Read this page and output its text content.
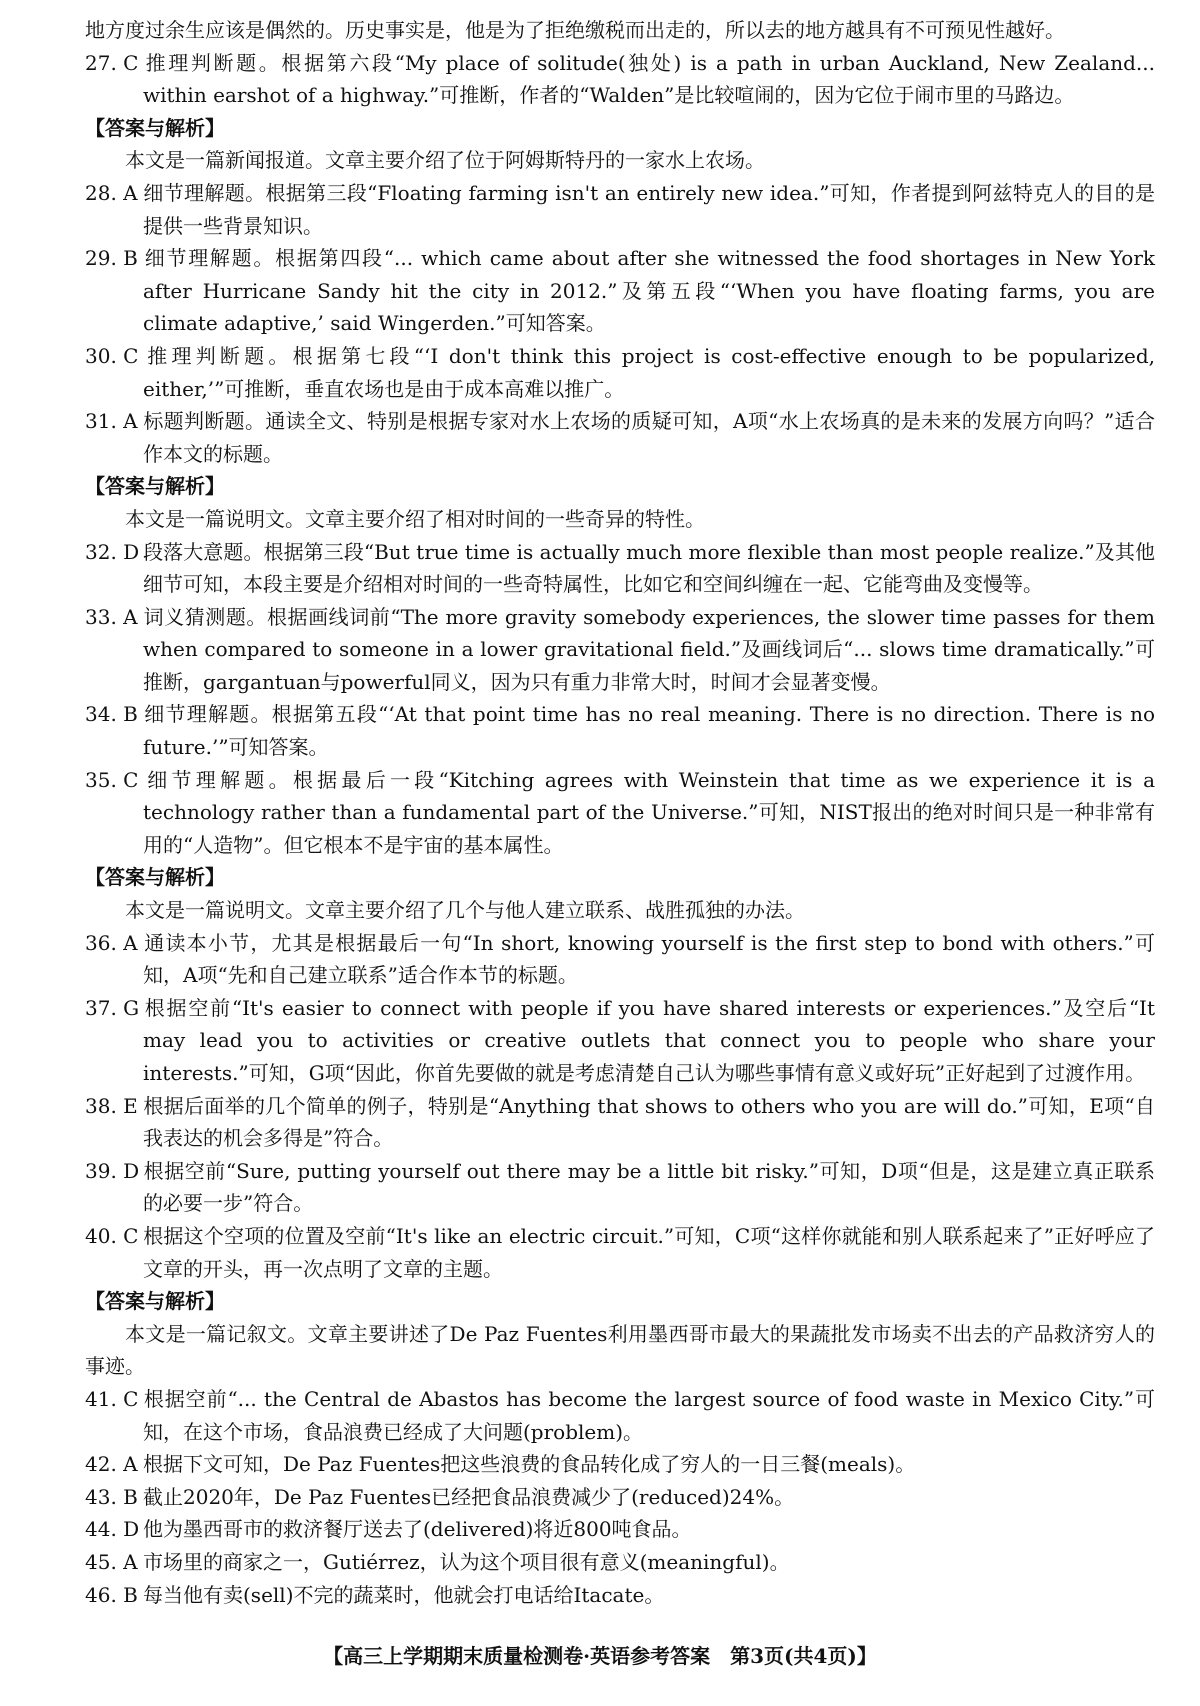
地方度过余生应该是偶然的。历史事实是，他是为了拒绝缴税而出走的，所以去的地方越具有不可预见性越好。

27. C 推理判断题。根据第六段“My place of solitude(独处) is a path in urban Auckland, New Zealand... within earshot of a highway.”可推断，作者的“Walden”是比较喧闹的，因为它位于闹市里的马路边。

【答案与解析】

本文是一篇新闻报道。文章主要介绍了位于阿姆斯特丹的一家水上农场。

28. A 细节理解题。根据第三段“Floating farming isn't an entirely new idea.”可知，作者提到阿兹特克人的目的是提供一些背景知识。

29. B 细节理解题。根据第四段“... which came about after she witnessed the food shortages in New York after Hurricane Sandy hit the city in 2012.”及第五段“‘When you have floating farms, you are climate adaptive,’ said Wingerden.”可知答案。

30. C 推理判断题。根据第七段“‘I don't think this project is cost-effective enough to be popularized, either,’”可推断，垂直农场也是由于成本高难以推广。

31. A 标题判断题。通读全文、特别是根据专家对水上农场的质疑可知，A项“水上农场真的是未来的发展方向吗？”适合作本文的标题。

【答案与解析】

本文是一篇说明文。文章主要介绍了相对时间的一些奇异的特性。

32. D 段落大意题。根据第三段“But true time is actually much more flexible than most people realize.”及其他细节可知，本段主要是介绍相对时间的一些奇特属性，比如它和空间纠缠在一起、它能弯曲及变慢等。

33. A 词义猜测题。根据画线词前“The more gravity somebody experiences, the slower time passes for them when compared to someone in a lower gravitational field.”及画线词后“... slows time dramatically.”可推断，gargantuan与powerful同义，因为只有重力非常大时，时间才会显著变慢。

34. B 细节理解题。根据第五段“‘At that point time has no real meaning. There is no direction. There is no future.’”可知答案。

35. C 细节理解题。根据最后一段“Kitching agrees with Weinstein that time as we experience it is a technology rather than a fundamental part of the Universe.”可知，NIST报出的绝对时间只是一种非常有用的“人造物”。但它根本不是宇宙的基本属性。

【答案与解析】

本文是一篇说明文。文章主要介绍了几个与他人建立联系、战胜孤独的办法。

36. A 通读本小节，尤其是根据最后一句“In short, knowing yourself is the first step to bond with others.”可知，A项“先和自己建立联系”适合作本节的标题。

37. G 根据空前“It's easier to connect with people if you have shared interests or experiences.”及空后“It may lead you to activities or creative outlets that connect you to people who share your interests.”可知，G项“因此，你首先要做的就是考虑清楚自己认为哪些事情有意义或好玩”正好起到了过渡作用。

38. E 根据后面举的几个简单的例子，特别是“Anything that shows to others who you are will do.”可知，E项“自我表达的机会多得是”符合。

39. D 根据空前“Sure, putting yourself out there may be a little bit risky.”可知，D项“但是，这是建立真正联系的必要一步”符合。

40. C 根据这个空项的位置及空前“It's like an electric circuit.”可知，C项“这样你就能和别人联系起来了”正好呼应了文章的开头，再一次点明了文章的主题。

【答案与解析】

本文是一篇记叙文。文章主要讲述了De Paz Fuentes利用墨西哥市最大的果蔬批发市场卖不出去的产品救济穷人的事迹。

41. C 根据空前“... the Central de Abastos has become the largest source of food waste in Mexico City.”可知，在这个市场，食品浪费已经成了大问题(problem)。

42. A 根据下文可知，De Paz Fuentes把这些浪费的食品转化成了穷人的一日三餐(meals)。

43. B 截止2020年，De Paz Fuentes已经把食品浪费减少了(reduced)24%。

44. D 他为墨西哥市的救济餐厅送去了(delivered)将近800吨食品。

45. A 市场里的商家之一，Gutiérrez，认为这个项目很有意义(meaningful)。

46. B 每当他有卖(sell)不完的蔬菜时，他就会打电话给Itacate。

【高三上学期期末质量检测卷·英语参考答案　第3页(共4页)】
